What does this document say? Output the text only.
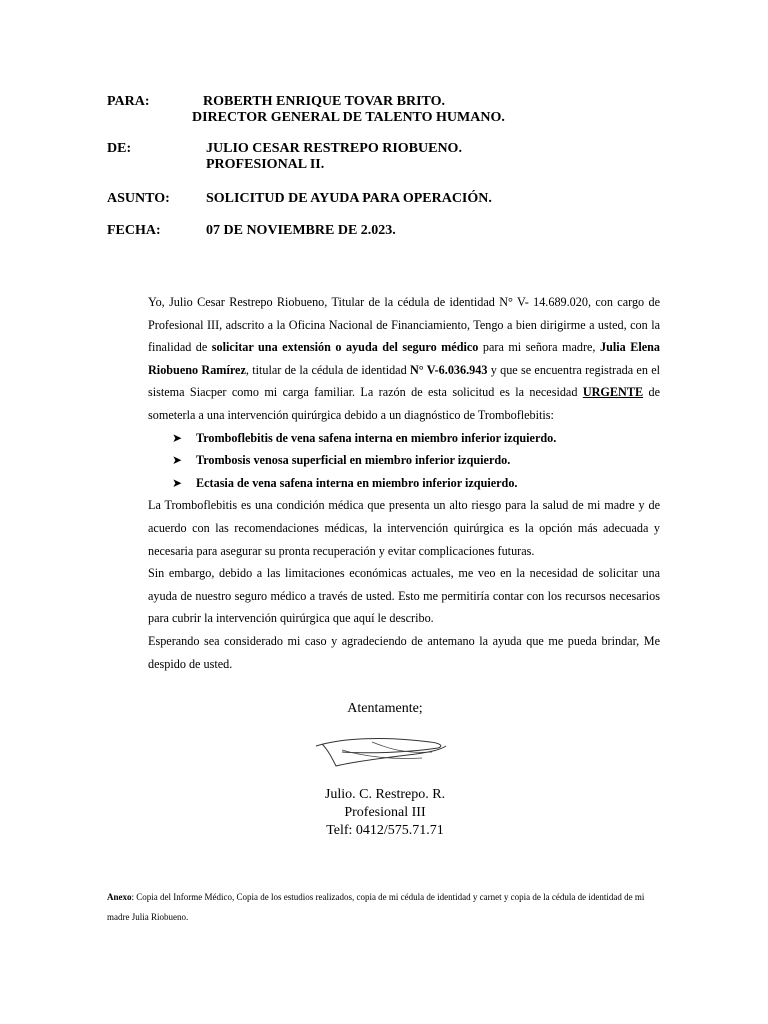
PARA:	ROBERTH ENRIQUE TOVAR BRITO.
DIRECTOR GENERAL DE TALENTO HUMANO.
DE:	JULIO CESAR RESTREPO RIOBUENO.
PROFESIONAL II.
ASUNTO:	SOLICITUD DE AYUDA PARA OPERACIÓN.
FECHA:	07 DE NOVIEMBRE DE 2.023.

Yo, Julio Cesar Restrepo Riobueno, Titular de la cédula de identidad N° V- 14.689.020, con cargo de Profesional III, adscrito a la Oficina Nacional de Financiamiento, Tengo a bien dirigirme a usted, con la finalidad de solicitar una extensión o ayuda del seguro médico para mi señora madre, Julia Elena Riobueno Ramírez, titular de la cédula de identidad N° V-6.036.943 y que se encuentra registrada en el sistema Siacper como mi carga familiar. La razón de esta solicitud es la necesidad URGENTE de someterla a una intervención quirúrgica debido a un diagnóstico de Tromboflebitis:

➤ Tromboflebitis de vena safena interna en miembro inferior izquierdo.
➤ Trombosis venosa superficial en miembro inferior izquierdo.
➤ Ectasia de vena safena interna en miembro inferior izquierdo.

La Tromboflebitis es una condición médica que presenta un alto riesgo para la salud de mi madre y de acuerdo con las recomendaciones médicas, la intervención quirúrgica es la opción más adecuada y necesaria para asegurar su pronta recuperación y evitar complicaciones futuras.

Sin embargo, debido a las limitaciones económicas actuales, me veo en la necesidad de solicitar una ayuda de nuestro seguro médico a través de usted. Esto me permitiría contar con los recursos necesarios para cubrir la intervención quirúrgica que aquí le describo.

Esperando sea considerado mi caso y agradeciendo de antemano la ayuda que me pueda brindar, Me despido de usted.

Atentamente;
Julio. C. Restrepo. R.
Profesional III
Telf: 0412/575.71.71
Anexo: Copia del Informe Médico, Copia de los estudios realizados, copia de mi cédula de identidad y carnet y copia de la cédula de identidad de mi madre Julia Riobueno.
